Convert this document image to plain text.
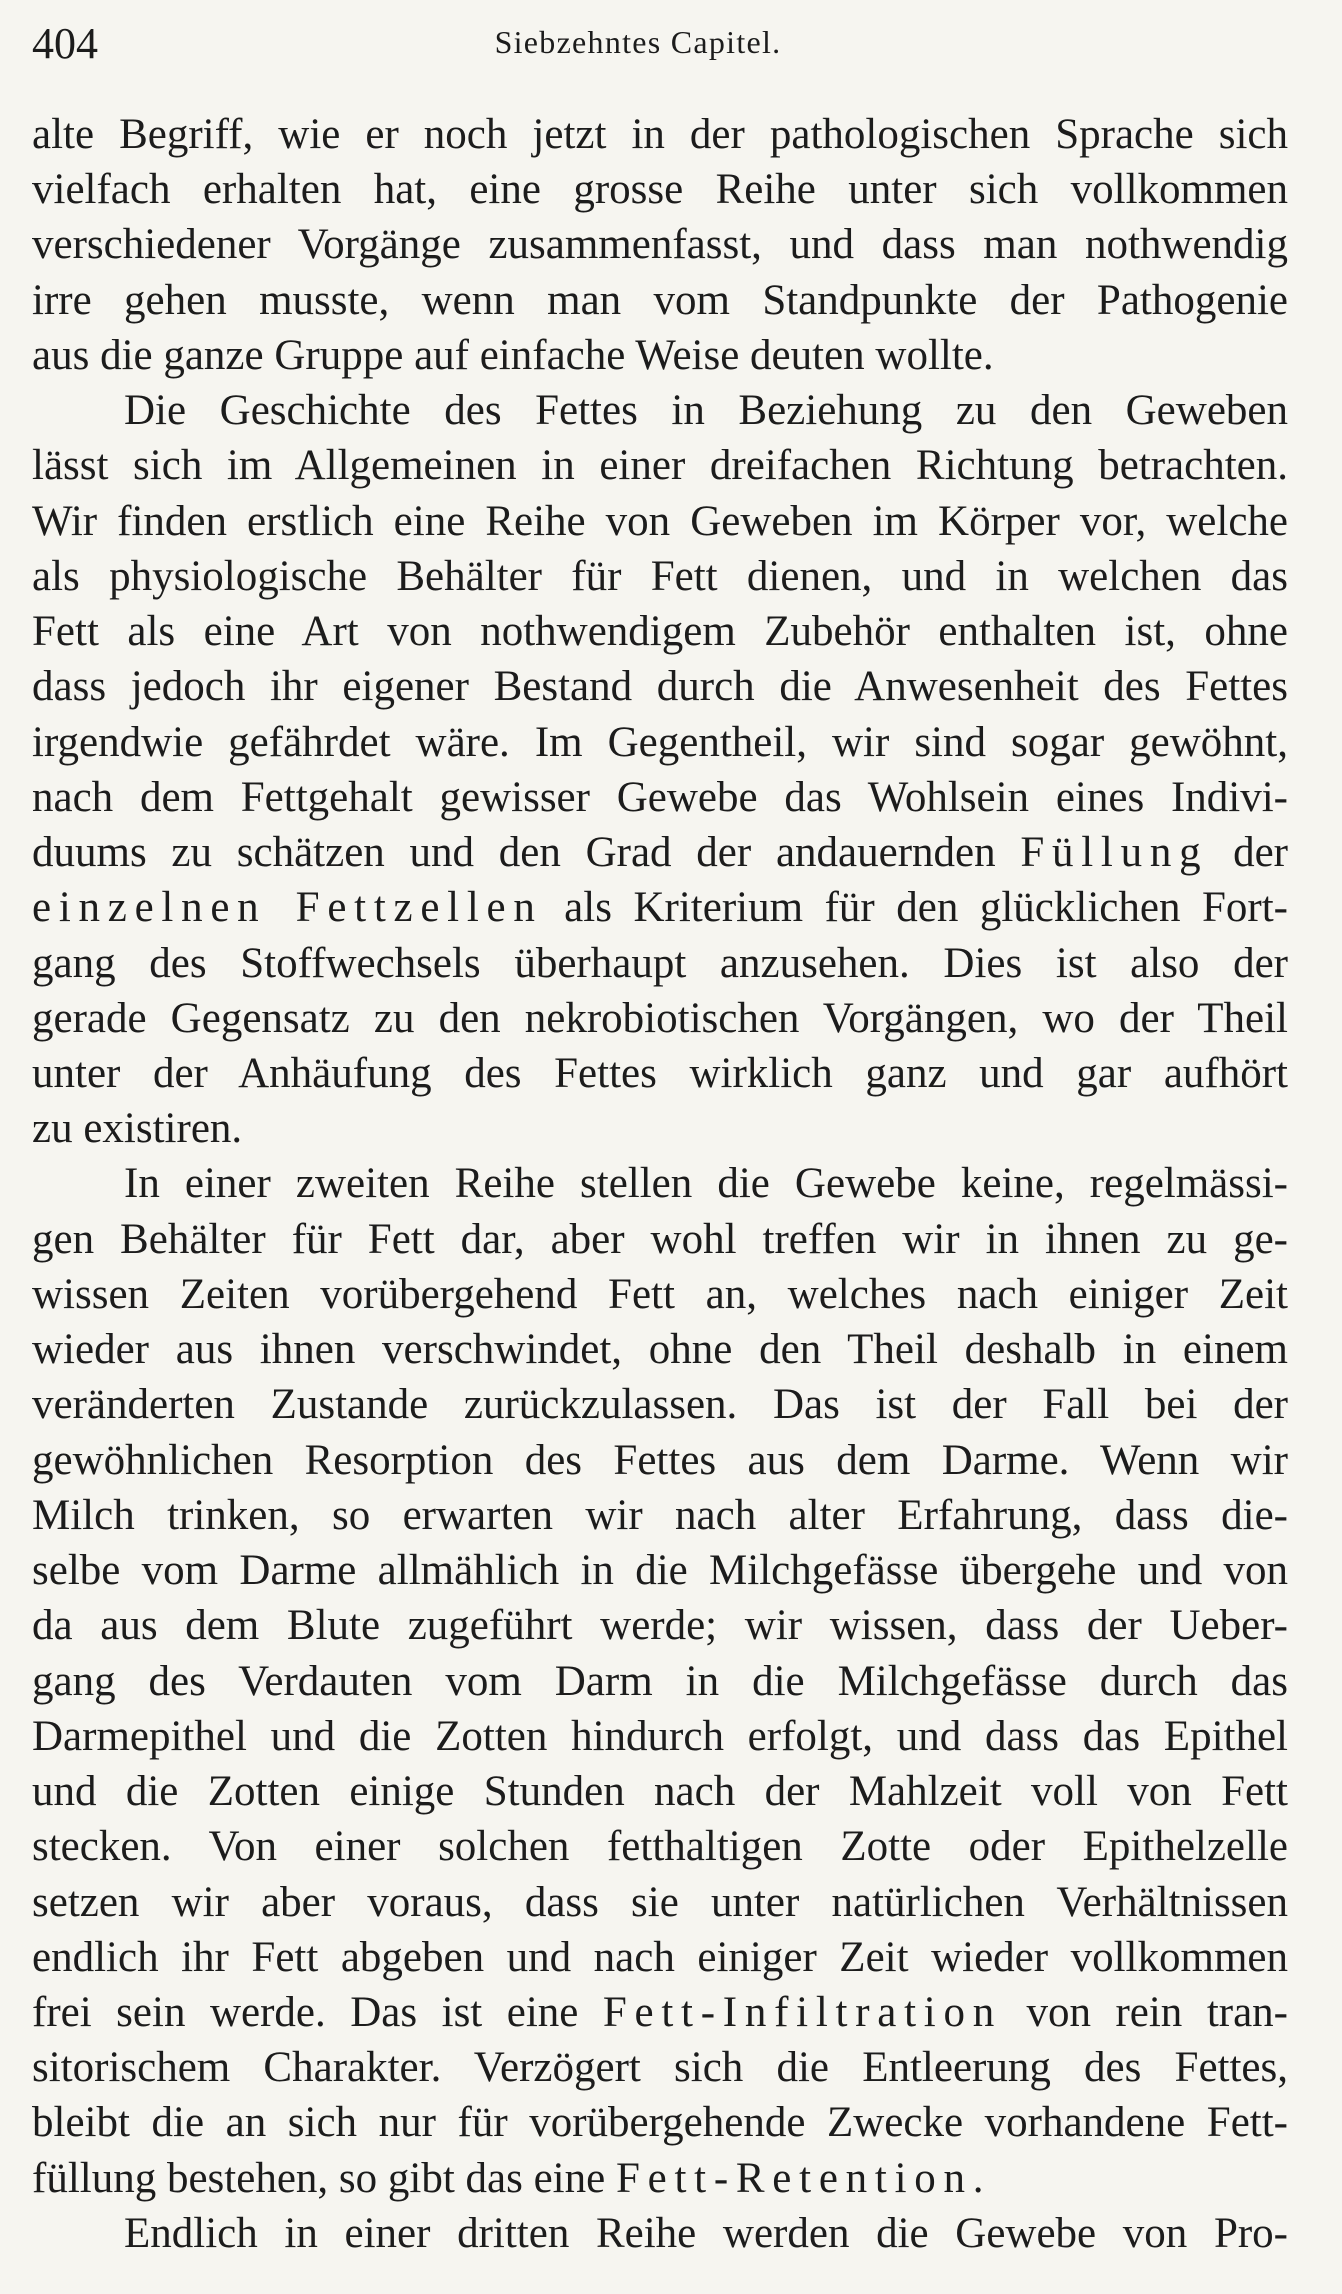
404	Siebzehntes Capitel.
alte Begriff, wie er noch jetzt in der pathologischen Sprache sich
vielfach erhalten hat, eine grosse Reihe unter sich vollkommen
verschiedener Vorgänge zusammenfasst, und dass man nothwendig
irre gehen musste, wenn man vom Standpunkte der Pathogenie
aus die ganze Gruppe auf einfache Weise deuten wollte.
Die Geschichte des Fettes in Beziehung zu den Geweben
lässt sich im Allgemeinen in einer dreifachen Richtung betrachten.
Wir finden erstlich eine Reihe von Geweben im Körper vor, welche
als physiologische Behälter für Fett dienen, und in welchen das
Fett als eine Art von nothwendigem Zubehör enthalten ist, ohne
dass jedoch ihr eigener Bestand durch die Anwesenheit des Fettes
irgendwie gefährdet wäre. Im Gegentheil, wir sind sogar gewöhnt,
nach dem Fettgehalt gewisser Gewebe das Wohlsein eines Indivi-
duums zu schätzen und den Grad der andauernden Füllung der
einzelnen Fettzellen als Kriterium für den glücklichen Fort-
gang des Stoffwechsels überhaupt anzusehen. Dies ist also der
gerade Gegensatz zu den nekrobiotischen Vorgängen, wo der Theil
unter der Anhäufung des Fettes wirklich ganz und gar aufhört
zu existiren.
In einer zweiten Reihe stellen die Gewebe keine, regelmässi-
gen Behälter für Fett dar, aber wohl treffen wir in ihnen zu ge-
wissen Zeiten vorübergehend Fett an, welches nach einiger Zeit
wieder aus ihnen verschwindet, ohne den Theil deshalb in einem
veränderten Zustande zurückzulassen. Das ist der Fall bei der
gewöhnlichen Resorption des Fettes aus dem Darme. Wenn wir
Milch trinken, so erwarten wir nach alter Erfahrung, dass die-
selbe vom Darme allmählich in die Milchgefässe übergehe und von
da aus dem Blute zugeführt werde; wir wissen, dass der Ueber-
gang des Verdauten vom Darm in die Milchgefässe durch das
Darmepithel und die Zotten hindurch erfolgt, und dass das Epithel
und die Zotten einige Stunden nach der Mahlzeit voll von Fett
stecken. Von einer solchen fetthaltigen Zotte oder Epithelzelle
setzen wir aber voraus, dass sie unter natürlichen Verhältnissen
endlich ihr Fett abgeben und nach einiger Zeit wieder vollkommen
frei sein werde. Das ist eine Fett-Infiltration von rein tran-
sitorischem Charakter. Verzögert sich die Entleerung des Fettes,
bleibt die an sich nur für vorübergehende Zwecke vorhandene Fett-
füllung bestehen, so gibt das eine Fett-Retention.
Endlich in einer dritten Reihe werden die Gewebe von Pro-
